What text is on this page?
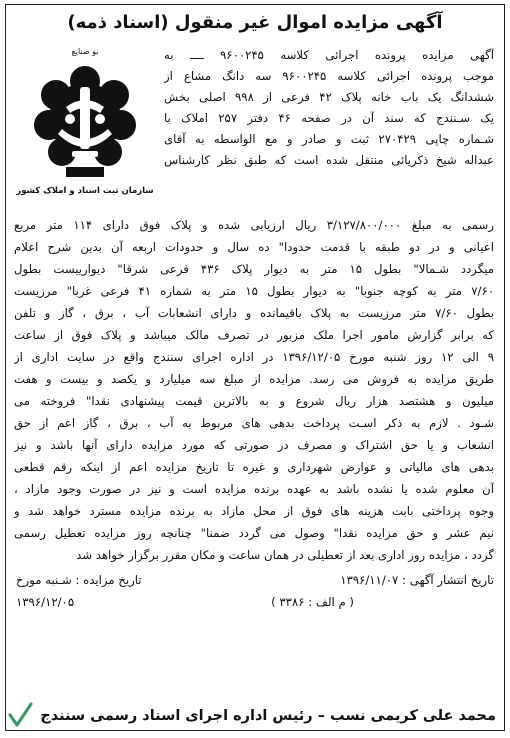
آگهی مزایده اموال غیر منقول (اسناد ذمه)
بو صنایع
سازمان ثبت اسناد و املاک کشور
آگهی مزایده پرونده اجرائی کلاسه ۹۶۰۰۲۴۵ ــــ به
موجب پرونده اجرائی کلاسه ۹۶۰۰۲۴۵ سه دانگ مشاع از
ششدانگ یک باب خانه پلاک ۴۲ فرعی از ۹۹۸ اصلی بخش
یک سـنندج که سند آن در صفحه ۴۶ دفتر ۲۵۷ املاک با
شـماره چاپی ۲۷۰۴۲۹ ثبت و صادر و مع الواسطه به آقای
عبداله شیخ ذکریائی منتقل شده است که طبق نظر کارشناس
رسمی به مبلغ ۳/۱۲۷/۸۰۰/۰۰۰ ریال ارزیابی شده و پلاک فوق دارای ۱۱۴ متر مربع
اعیانی و در دو طبقه با قدمت حدودا" ده سال و حدودات اربعه آن بدین شرح اعلام
میگردد شـمالا" بطول ۱۵ متر به دیوار پلاک ۴۳۶ فرعی شرقا" دیوارییست بطول
۷/۶۰ متر به کوچه جنوبا" به دیوار بطول ۱۵ متر به شماره ۴۱ فرعی غربا" مرزیست
بطول ۷/۶۰ متر مرزیست به پلاک باقیمانده و دارای انشعابات آب ، برق ، گاز و تلفن
که برابر گزارش مامور اجرا ملک مزبور در تصرف مالک میباشد و پلاک فوق از ساعت
۹ الی ۱۲ روز شنبه مورخ ۱۳۹۶/۱۲/۰۵ در اداره اجرای سنندج واقع در سایت اداری از
طریق مزایده به فروش می رسد. مزایده از مبلغ سه میلیارد و یکصد و بیست و هفت
میلیون و هشتصد هزار ریال شروع و به بالاترین قیمت پیشنهادی نقدا" فروخته می
شـود . لازم به ذکر اسـت پرداخت بدهی های مربوط به آب ، برق ، گاز اعم از حق
انشعاب و یا حق اشتراک و مصرف در صورتی که مورد مزایده دارای آنها باشد و نیز
بدهی های مالیاتی و عوارض شهرداری و غیره تا تاریخ مزایده اعم از اینکه رقم قطعی
آن معلوم شده یا نشده باشد به عهده برنده مزایده است و نیز در صورت وجود مازاد ،
وجوه پرداختی بابت هزینه های فوق از محل مازاد به برنده مزایده مسترد خواهد شد و
نیم عشر و حق مزایده نقدا" وصول می گردد ضمنا" چنانچه روز مزایده تعطیل رسمی
گردد ، مزایده روز اداری بعد از تعطیلی در همان ساعت و مکان مقرر برگزار خواهد شد
تاریخ انتشار آگهی : ۱۳۹۶/۱۱/۰۷
تاریخ مزایده : شـنبه مورخ
۱۳۹۶/۱۲/۰۵	( م الف : ۳۳۸۶ )
محمد علی کریمی نسب – رئیس اداره اجرای اسناد رسمی سنندج
